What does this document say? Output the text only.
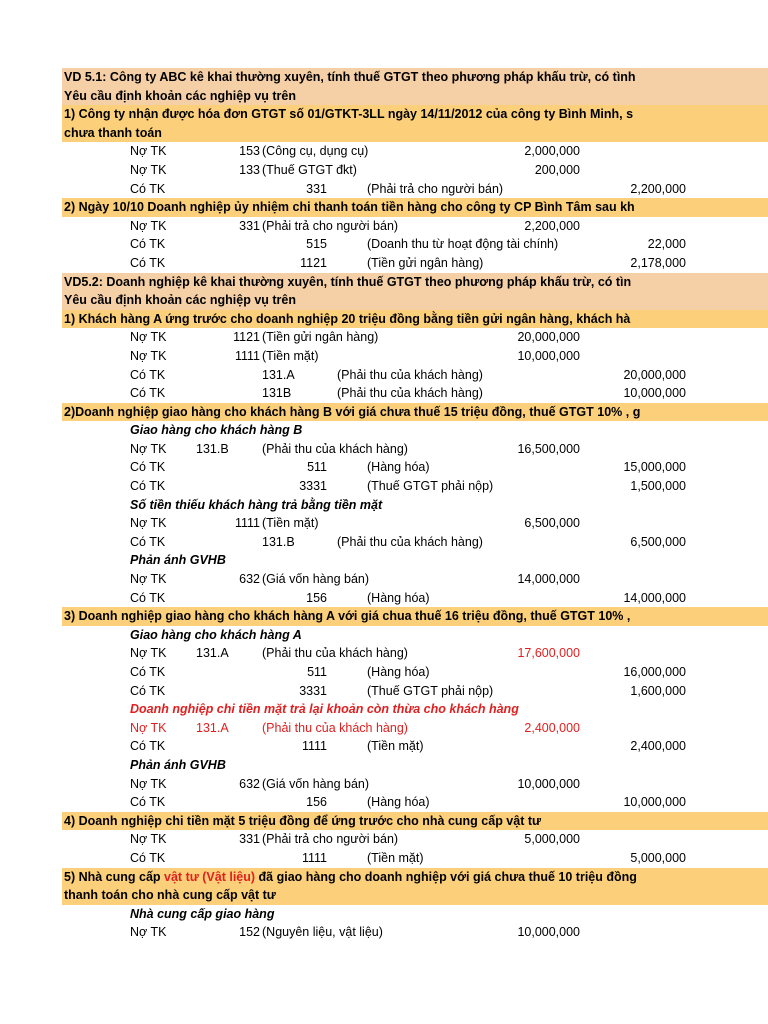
VD 5.1: Công ty ABC kê khai thường xuyên, tính thuế GTGT theo phương pháp khấu trừ, có tình
Yêu cầu định khoản các nghiệp vụ trên
1) Công ty nhận được hóa đơn GTGT số 01/GTKT-3LL ngày 14/11/2012 của công ty Bình Minh, s
chưa thanh toán
Nợ TK	153 (Công cụ, dụng cụ)	2,000,000
Nợ TK	133 (Thuế GTGT đkt)	200,000
Có TK	331	(Phải trả cho người bán)	2,200,000
2) Ngày 10/10 Doanh nghiệp ủy nhiệm chi thanh toán tiền hàng cho công ty CP Bình Tâm sau kh
Nợ TK	331 (Phải trả cho người bán)	2,200,000
Có TK	515	(Doanh thu từ hoạt động tài chính)	22,000
Có TK	1121	(Tiền gửi ngân hàng)	2,178,000
VD5.2: Doanh nghiệp kê khai thường xuyên, tính thuế GTGT theo phương pháp khấu trừ, có tìn
Yêu cầu định khoản các nghiệp vụ trên
1) Khách hàng A ứng trước cho doanh nghiệp 20 triệu đồng bằng tiền gửi ngân hàng, khách hà
Nợ TK	1121 (Tiền gửi ngân hàng)	20,000,000
Nợ TK	1111 (Tiền mặt)	10,000,000
Có TK	131.A	(Phải thu của khách hàng)	20,000,000
Có TK	131B	(Phải thu của khách hàng)	10,000,000
2)Doanh nghiệp giao hàng cho khách hàng B với giá chưa thuế 15 triệu đồng, thuế GTGT 10% , g
Giao hàng cho khách hàng B
Nợ TK 131.B	(Phải thu của khách hàng)	16,500,000
Có TK	511	(Hàng hóa)	15,000,000
Có TK	3331	(Thuế GTGT phải nộp)	1,500,000
Số tiền thiếu khách hàng trả bằng tiền mặt
Nợ TK	1111 (Tiền mặt)	6,500,000
Có TK	131.B	(Phải thu của khách hàng)	6,500,000
Phản ánh GVHB
Nợ TK	632 (Giá vốn hàng bán)	14,000,000
Có TK	156	(Hàng hóa)	14,000,000
3) Doanh nghiệp giao hàng cho khách hàng A với giá chua thuế 16 triệu đồng, thuế GTGT 10% ,
Giao hàng cho khách hàng A
Nợ TK 131.A	(Phải thu của khách hàng)	17,600,000
Có TK	511	(Hàng hóa)	16,000,000
Có TK	3331	(Thuế GTGT phải nộp)	1,600,000
Doanh nghiệp chi tiền mặt trả lại khoản còn thừa cho khách hàng
Nợ TK 131.A	(Phải thu của khách hàng)	2,400,000
Có TK	1111	(Tiền mặt)	2,400,000
Phản ánh GVHB
Nợ TK	632 (Giá vốn hàng bán)	10,000,000
Có TK	156	(Hàng hóa)	10,000,000
4) Doanh nghiệp chi tiền mặt 5 triệu đồng để ứng trước cho nhà cung cấp vật tư
Nợ TK	331 (Phải trả cho người bán)	5,000,000
Có TK	1111	(Tiền mặt)	5,000,000
5) Nhà cung cấp vật tư (Vật liệu) đã giao hàng cho doanh nghiệp với giá chưa thuế 10 triệu đồng
thanh toán cho nhà cung cấp vật tư
Nhà cung cấp giao hàng
Nợ TK	152 (Nguyên liệu, vật liệu)	10,000,000
